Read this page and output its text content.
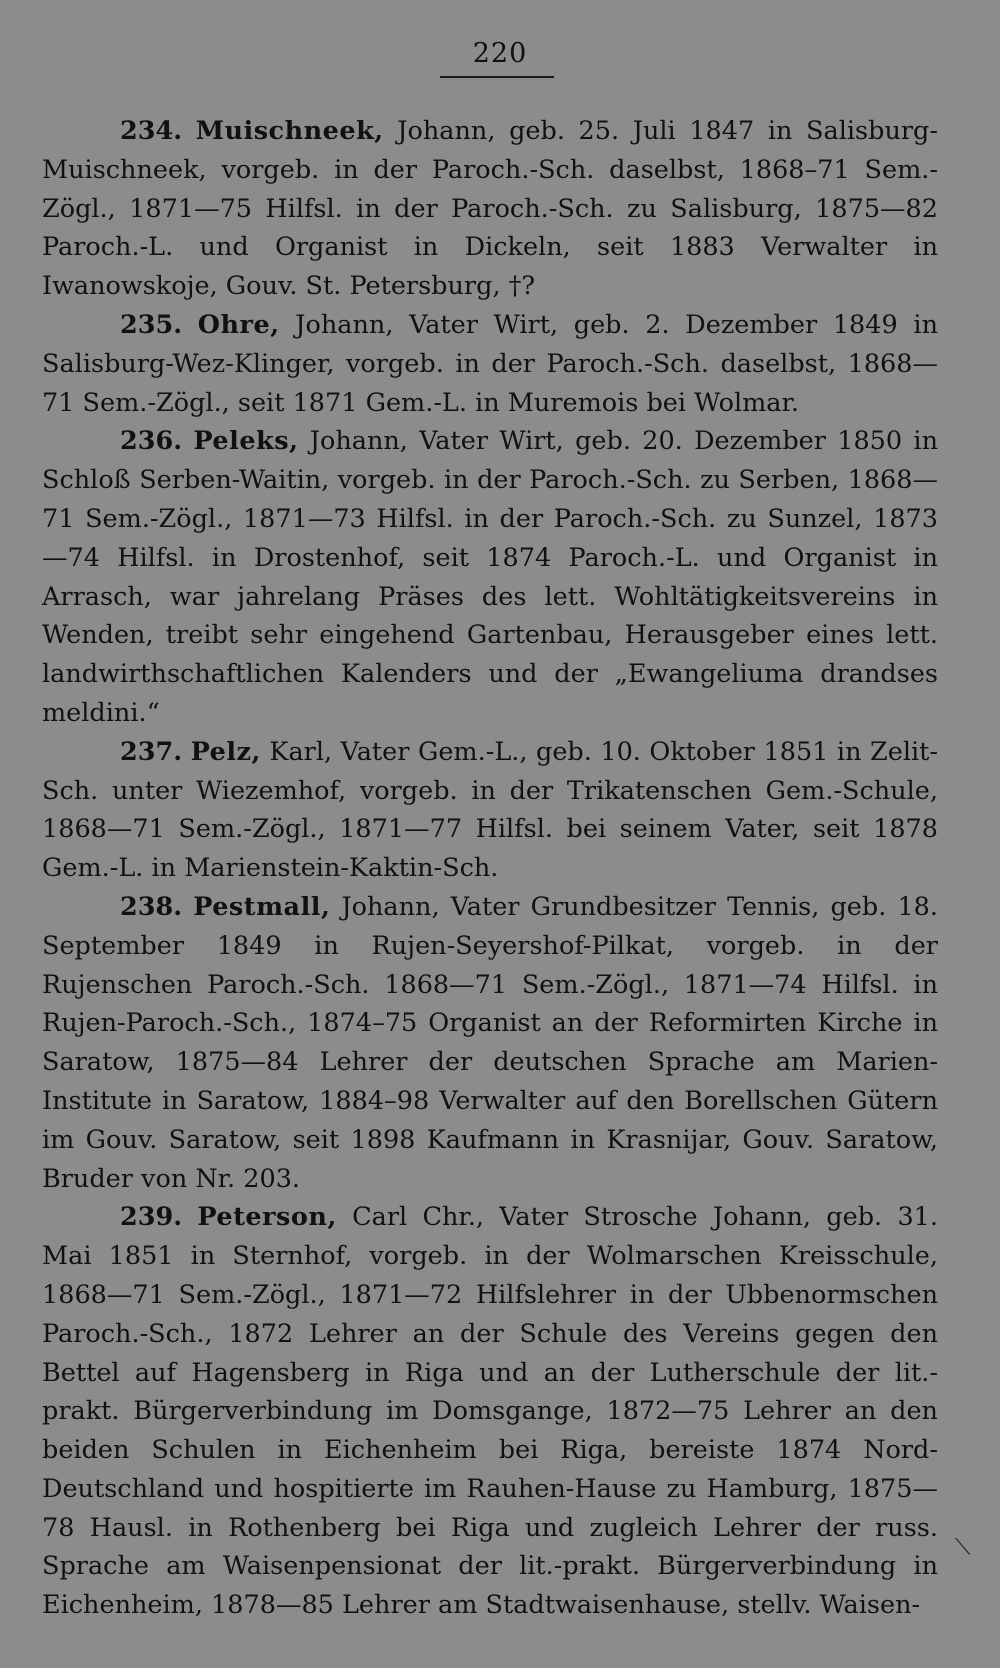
220

234. Muischneek, Johann, geb. 25. Juli 1847 in Salisburg-Muischneek, vorgeb. in der Paroch.-Sch. daselbst, 1868–71 Sem.-Zögl., 1871—75 Hilfsl. in der Paroch.-Sch. zu Salisburg, 1875—82 Paroch.-L. und Organist in Dickeln, seit 1883 Verwalter in Iwanowskoje, Gouv. St. Petersburg, †?

235. Ohre, Johann, Vater Wirt, geb. 2. Dezember 1849 in Salisburg-Wez-Klinger, vorgeb. in der Paroch.-Sch. daselbst, 1868—71 Sem.-Zögl., seit 1871 Gem.-L. in Muremois bei Wolmar.

236. Peleks, Johann, Vater Wirt, geb. 20. Dezember 1850 in Schloß Serben-Waitin, vorgeb. in der Paroch.-Sch. zu Serben, 1868—71 Sem.-Zögl., 1871—73 Hilfsl. in der Paroch.-Sch. zu Sunzel, 1873—74 Hilfsl. in Drostenhof, seit 1874 Paroch.-L. und Organist in Arrasch, war jahrelang Präses des lett. Wohltätigkeitsvereins in Wenden, treibt sehr eingehend Gartenbau, Herausgeber eines lett. landwirthschaftlichen Kalenders und der „Ewangeliuma drandses meldini.“

237. Pelz, Karl, Vater Gem.-L., geb. 10. Oktober 1851 in Zelit-Sch. unter Wiezemhof, vorgeb. in der Trikatenschen Gem.-Schule, 1868—71 Sem.-Zögl., 1871—77 Hilfsl. bei seinem Vater, seit 1878 Gem.-L. in Marienstein-Kaktin-Sch.

238. Pestmall, Johann, Vater Grundbesitzer Tennis, geb. 18. September 1849 in Rujen-Seyershof-Pilkat, vorgeb. in der Rujenschen Paroch.-Sch. 1868—71 Sem.-Zögl., 1871—74 Hilfsl. in Rujen-Paroch.-Sch., 1874–75 Organist an der Reformirten Kirche in Saratow, 1875—84 Lehrer der deutschen Sprache am Marien-Institute in Saratow, 1884–98 Verwalter auf den Borellschen Gütern im Gouv. Saratow, seit 1898 Kaufmann in Krasnijar, Gouv. Saratow, Bruder von Nr. 203.

239. Peterson, Carl Chr., Vater Strosche Johann, geb. 31. Mai 1851 in Sternhof, vorgeb. in der Wolmarschen Kreisschule, 1868—71 Sem.-Zögl., 1871—72 Hilfslehrer in der Ubbenormschen Paroch.-Sch., 1872 Lehrer an der Schule des Vereins gegen den Bettel auf Hagensberg in Riga und an der Lutherschule der lit.-prakt. Bürgerverbindung im Domsgange, 1872—75 Lehrer an den beiden Schulen in Eichenheim bei Riga, bereiste 1874 Nord-Deutschland und hospitierte im Rauhen-Hause zu Hamburg, 1875—78 Hausl. in Rothenberg bei Riga und zugleich Lehrer der russ. Sprache am Waisenpensionat der lit.-prakt. Bürgerverbindung in Eichenheim, 1878—85 Lehrer am Stadtwaisenhause, stellv. Waisen-

⟍
